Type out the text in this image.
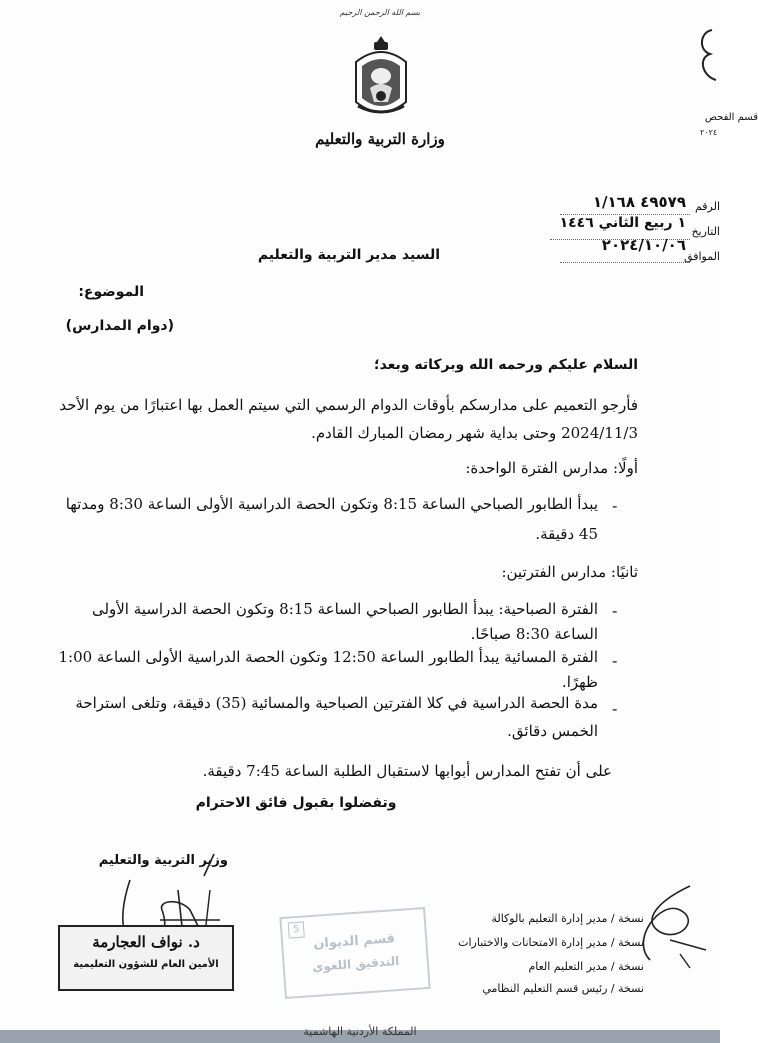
قسم الفحص
٢٠٢٤
بسم الله الرحمن الرحيم
وزارة التربية والتعليم
الرقم
٤٩٥٧٩ ١/١٦٨
التاريخ
١ ربيع الثاني ١٤٤٦
الموافق
٢٠٢٤/١٠/٠٦
السيد مدير التربية والتعليم
الموضوع:
(دوام المدارس)
السلام عليكم ورحمه الله وبركاته وبعد؛
فأرجو التعميم على مدارسكم بأوقات الدوام الرسمي التي سيتم العمل بها اعتبارًا من يوم الأحد
2024/11/3 وحتى بداية شهر رمضان المبارك القادم.
أولًا: مدارس الفترة الواحدة:
-
يبدأ الطابور الصباحي الساعة 8:15 وتكون الحصة الدراسية الأولى الساعة 8:30 ومدتها
45 دقيقة.
ثانيًا: مدارس الفترتين:
-
الفترة الصباحية: يبدأ الطابور الصباحي الساعة 8:15 وتكون الحصة الدراسية الأولى
الساعة 8:30 صباحًا.
-
الفترة المسائية يبدأ الطابور الساعة 12:50 وتكون الحصة الدراسية الأولى الساعة 1:00
ظهرًا.
-
مدة الحصة الدراسية في كلا الفترتين الصباحية والمسائية (35) دقيقة، وتلغى استراحة
الخمس دقائق.
على أن تفتح المدارس أبوابها لاستقبال الطلبة الساعة 7:45 دقيقة.
وتفضلوا بقبول فائق الاحترام
وزير التربية والتعليم
د. نواف العجارمة
الأمين العام للشؤون التعليمية
5
قسم الديوان
التدقيق اللغوي
نسخة / مدير إدارة التعليم بالوكالة
نسخة / مدير إدارة الامتحانات والاختبارات
نسخة / مدير التعليم العام
نسخة / رئيس قسم التعليم النظامي
المملكة الأردنية الهاشمية
